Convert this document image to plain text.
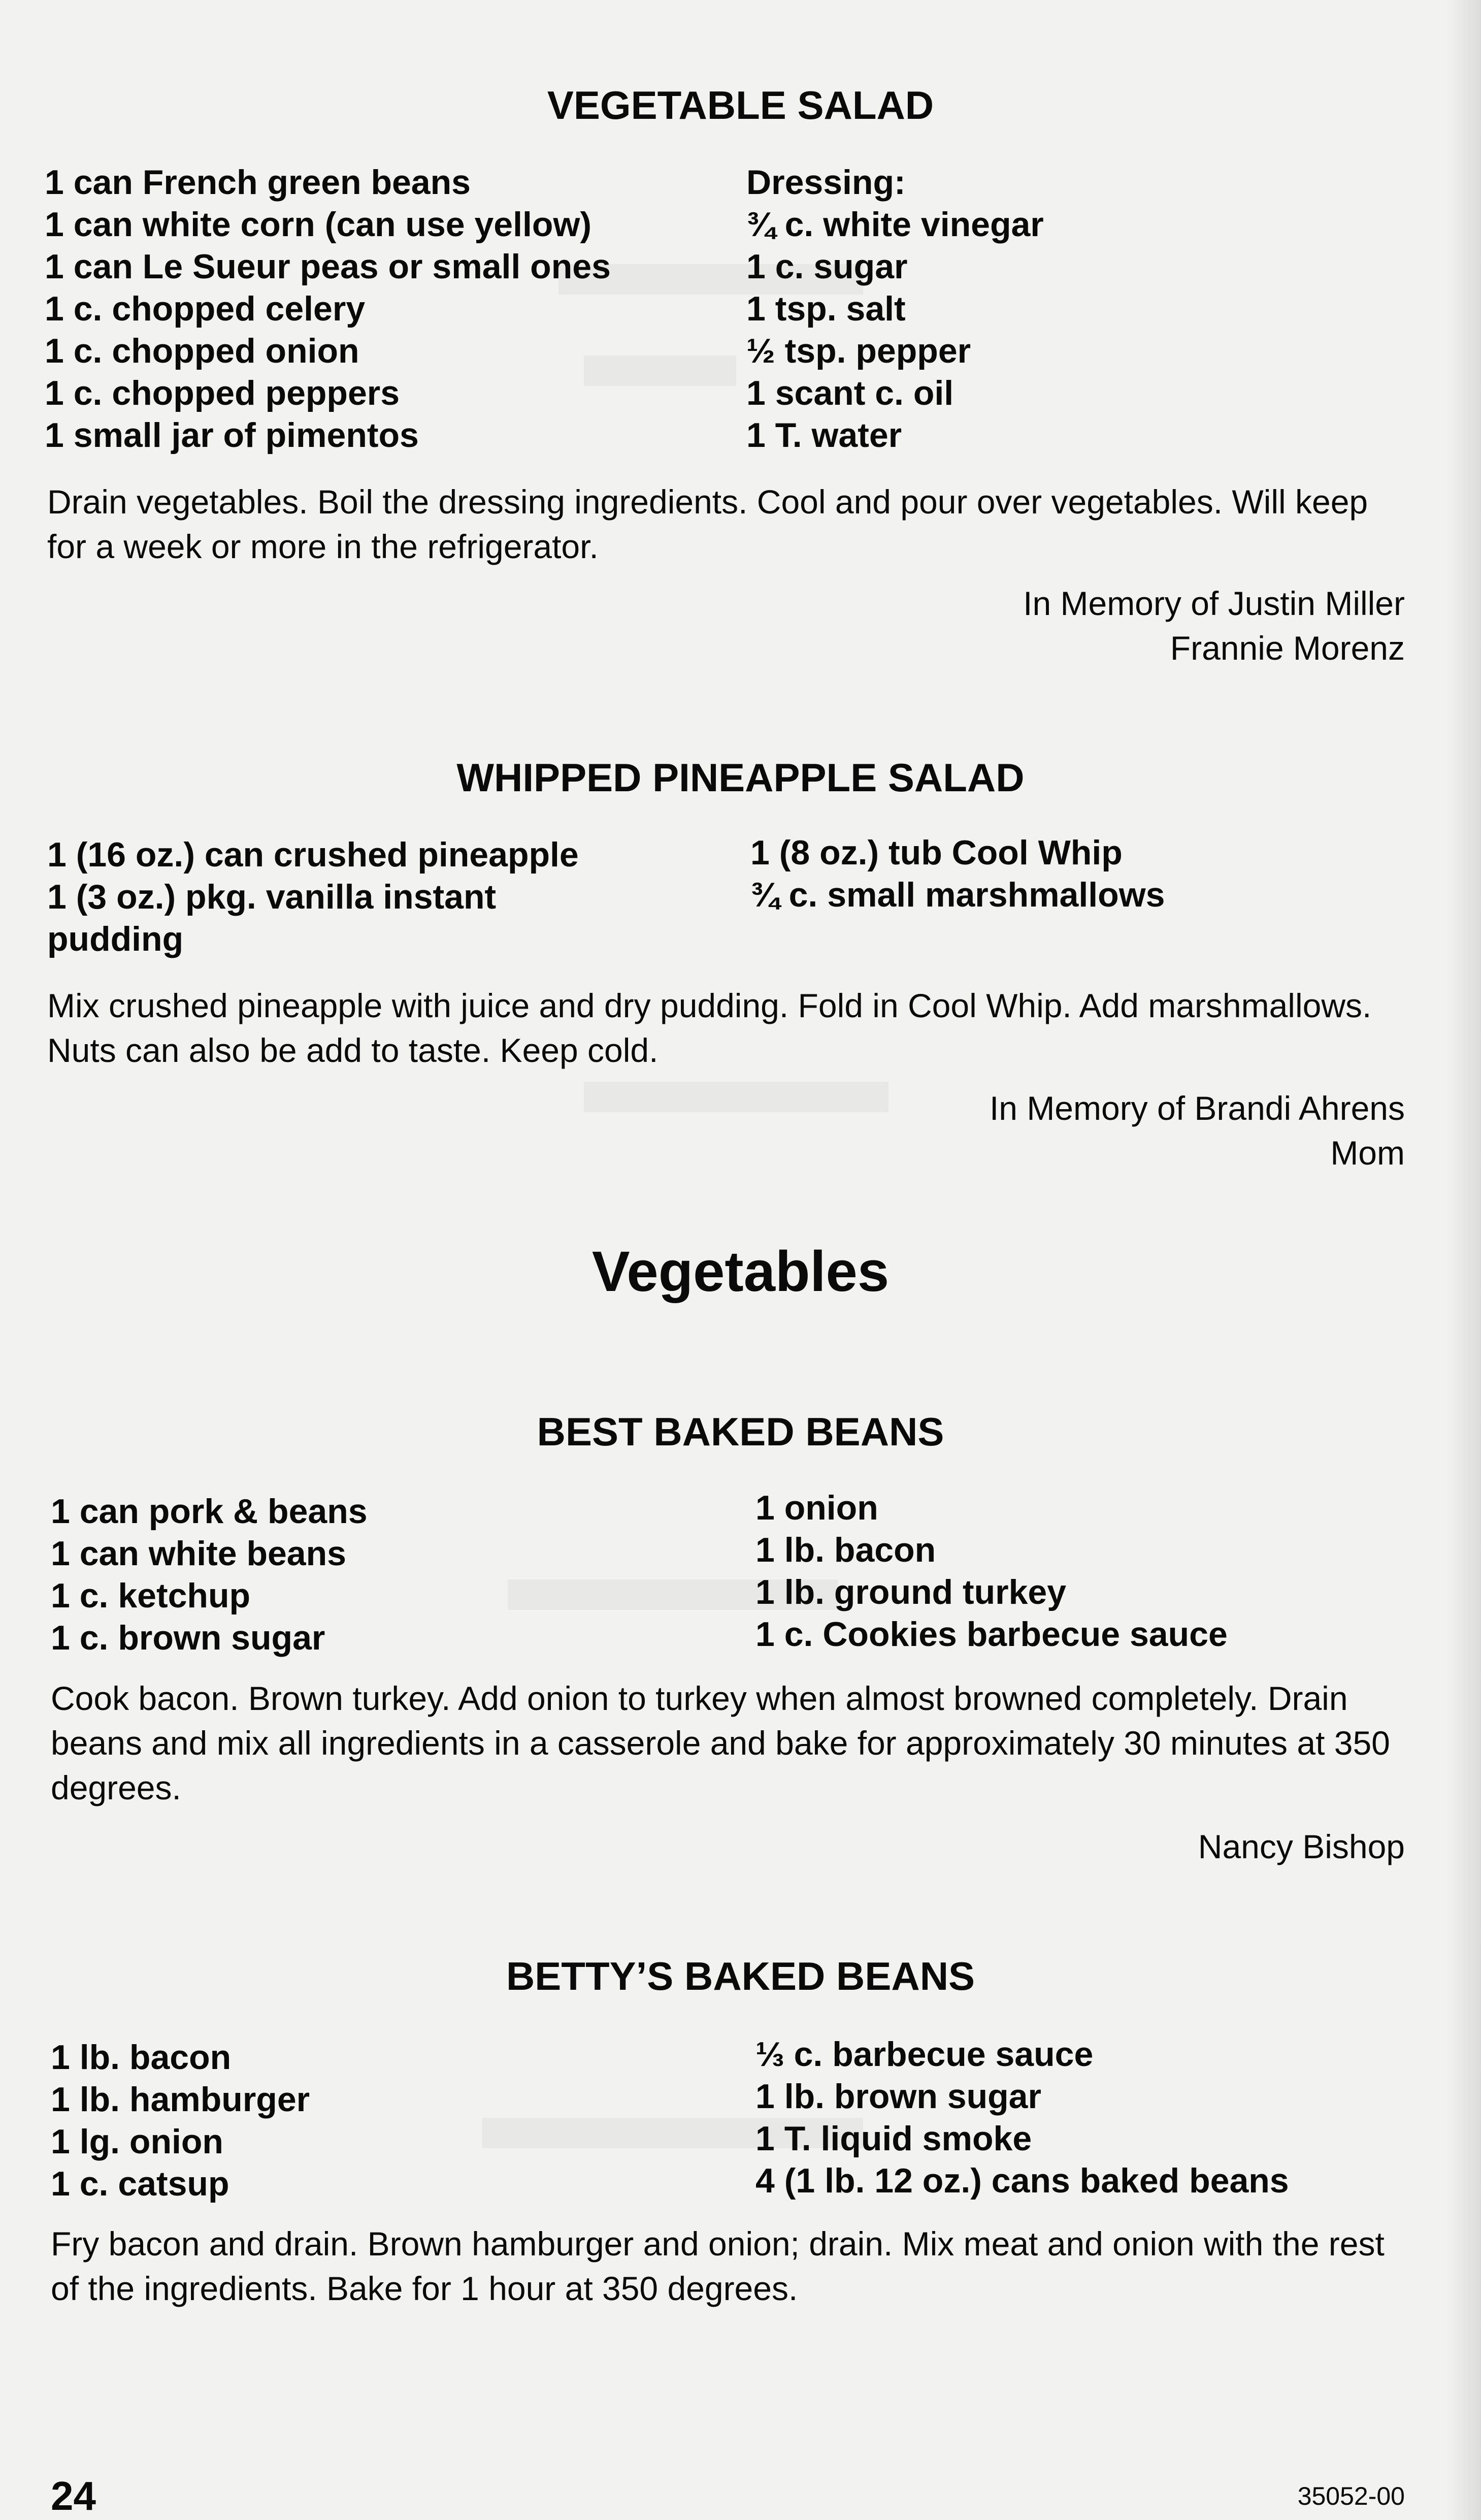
VEGETABLE SALAD
1 can French green beans
1 can white corn (can use yellow)
1 can Le Sueur peas or small ones
1 c. chopped celery
1 c. chopped onion
1 c. chopped peppers
1 small jar of pimentos
Dressing:
¾ c. white vinegar
1 c. sugar
1 tsp. salt
½ tsp. pepper
1 scant c. oil
1 T. water
Drain vegetables. Boil the dressing ingredients. Cool and pour over vegetables. Will keep for a week or more in the refrigerator.
In Memory of Justin Miller
Frannie Morenz
WHIPPED PINEAPPLE SALAD
1 (16 oz.) can crushed pineapple
1 (3 oz.) pkg. vanilla instant pudding
1 (8 oz.) tub Cool Whip
¾ c. small marshmallows
Mix crushed pineapple with juice and dry pudding. Fold in Cool Whip. Add marshmallows. Nuts can also be add to taste. Keep cold.
In Memory of Brandi Ahrens
Mom
Vegetables
BEST BAKED BEANS
1 can pork & beans
1 can white beans
1 c. ketchup
1 c. brown sugar
1 onion
1 lb. bacon
1 lb. ground turkey
1 c. Cookies barbecue sauce
Cook bacon. Brown turkey. Add onion to turkey when almost browned completely. Drain beans and mix all ingredients in a casserole and bake for approximately 30 minutes at 350 degrees.
Nancy Bishop
BETTY’S BAKED BEANS
1 lb. bacon
1 lb. hamburger
1 lg. onion
1 c. catsup
⅓ c. barbecue sauce
1 lb. brown sugar
1 T. liquid smoke
4 (1 lb. 12 oz.) cans baked beans
Fry bacon and drain. Brown hamburger and onion; drain. Mix meat and onion with the rest of the ingredients. Bake for 1 hour at 350 degrees.
24	35052-00
